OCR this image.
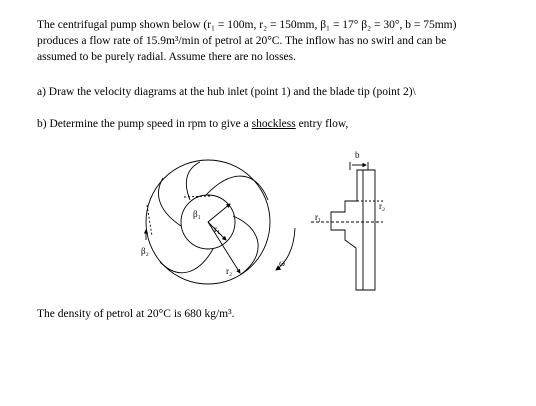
The centrifugal pump shown below (r₁ = 100m, r₂ = 150mm, β₁ = 17° β₂ = 30°, b = 75mm)
produces a flow rate of 15.9m³/min of petrol at 20°C. The inflow has no swirl and can be
assumed to be purely radial. Assume there are no losses.
a) Draw the velocity diagrams at the hub inlet (point 1) and the blade tip (point 2)\
b) Determine the pump speed in rpm to give a shockless entry flow,
β₁
β₂
r₁
r₂
ω
b
r₁
r₂
The density of petrol at 20°C is 680 kg/m³.
